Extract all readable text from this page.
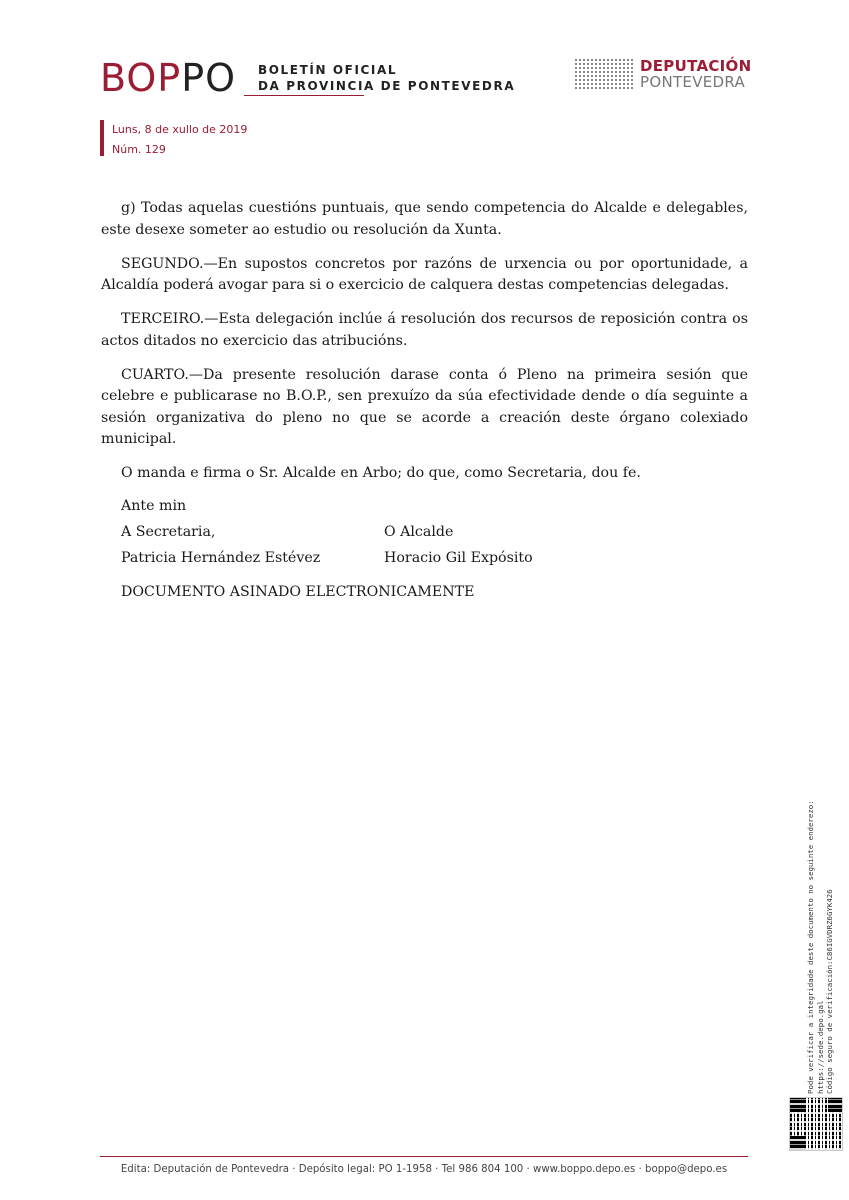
BOPPO BOLETÍN OFICIAL
DA PROVINCIA DE PONTEVEDRA
DEPUTACIÓN
PONTEVEDRA
Luns, 8 de xullo de 2019
Núm. 129

g) Todas aquelas cuestións puntuais, que sendo competencia do Alcalde e delegables, este desexe someter ao estudio ou resolución da Xunta.

SEGUNDO.—En supostos concretos por razóns de urxencia ou por oportunidade, a Alcaldía poderá avogar para si o exercicio de calquera destas competencias delegadas.

TERCEIRO.—Esta delegación inclúe á resolución dos recursos de reposición contra os actos ditados no exercicio das atribucións.

CUARTO.—Da presente resolución darase conta ó Pleno na primeira sesión que celebre e publicarase no B.O.P., sen prexuízo da súa efectividade dende o día seguinte a sesión organizativa do pleno no que se acorde a creación deste órgano colexiado municipal.

O manda e firma o Sr. Alcalde en Arbo; do que, como Secretaria, dou fe.

Ante min
A Secretaria,	O Alcalde
Patricia Hernández Estévez	Horacio Gil Expósito
DOCUMENTO ASINADO ELECTRONICAMENTE
Pode verificar a integridade deste documento no seguinte enderezo: https://sede.depo.gal Código seguro de verificación:C86IGVDRZ6GYK426
Edita: Deputación de Pontevedra · Depósito legal: PO 1-1958 · Tel 986 804 100 · www.boppo.depo.es · boppo@depo.es
